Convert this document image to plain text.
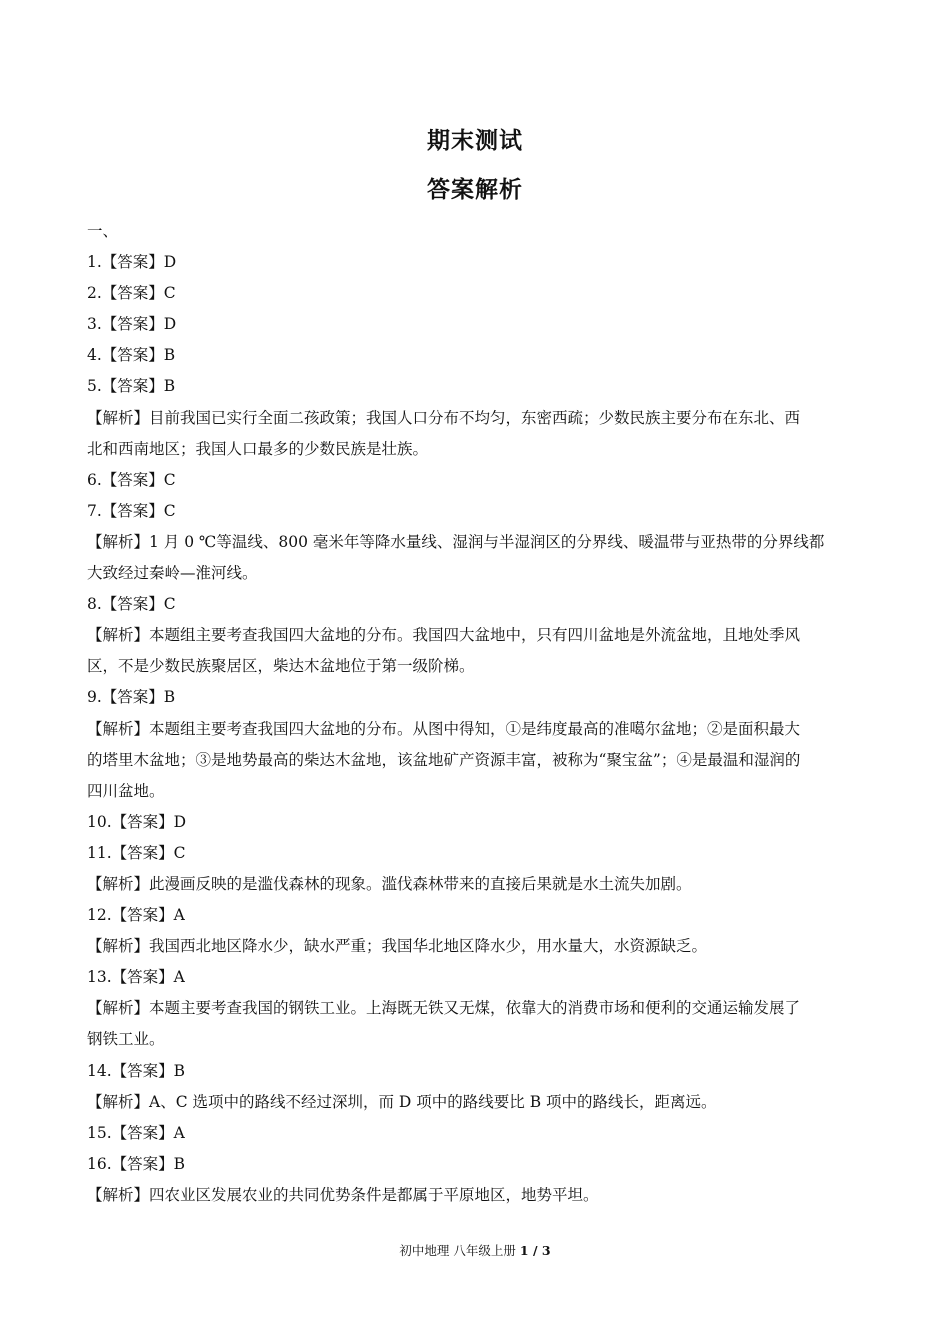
期末测试
答案解析
一、
1.【答案】D
2.【答案】C
3.【答案】D
4.【答案】B
5.【答案】B
【解析】目前我国已实行全面二孩政策；我国人口分布不均匀，东密西疏；少数民族主要分布在东北、西
北和西南地区；我国人口最多的少数民族是壮族。
6.【答案】C
7.【答案】C
【解析】1 月 0 ℃等温线、800 毫米年等降水量线、湿润与半湿润区的分界线、暖温带与亚热带的分界线都
大致经过秦岭—淮河线。
8.【答案】C
【解析】本题组主要考查我国四大盆地的分布。我国四大盆地中，只有四川盆地是外流盆地，且地处季风
区，不是少数民族聚居区，柴达木盆地位于第一级阶梯。
9.【答案】B
【解析】本题组主要考查我国四大盆地的分布。从图中得知，①是纬度最高的准噶尔盆地；②是面积最大
的塔里木盆地；③是地势最高的柴达木盆地，该盆地矿产资源丰富，被称为“聚宝盆”；④是最温和湿润的
四川盆地。
10.【答案】D
11.【答案】C
【解析】此漫画反映的是滥伐森林的现象。滥伐森林带来的直接后果就是水土流失加剧。
12.【答案】A
【解析】我国西北地区降水少，缺水严重；我国华北地区降水少，用水量大，水资源缺乏。
13.【答案】A
【解析】本题主要考查我国的钢铁工业。上海既无铁又无煤，依靠大的消费市场和便利的交通运输发展了
钢铁工业。
14.【答案】B
【解析】A、C 选项中的路线不经过深圳，而 D 项中的路线要比 B 项中的路线长，距离远。
15.【答案】A
16.【答案】B
【解析】四农业区发展农业的共同优势条件是都属于平原地区，地势平坦。
初中地理 八年级上册 1 / 3
